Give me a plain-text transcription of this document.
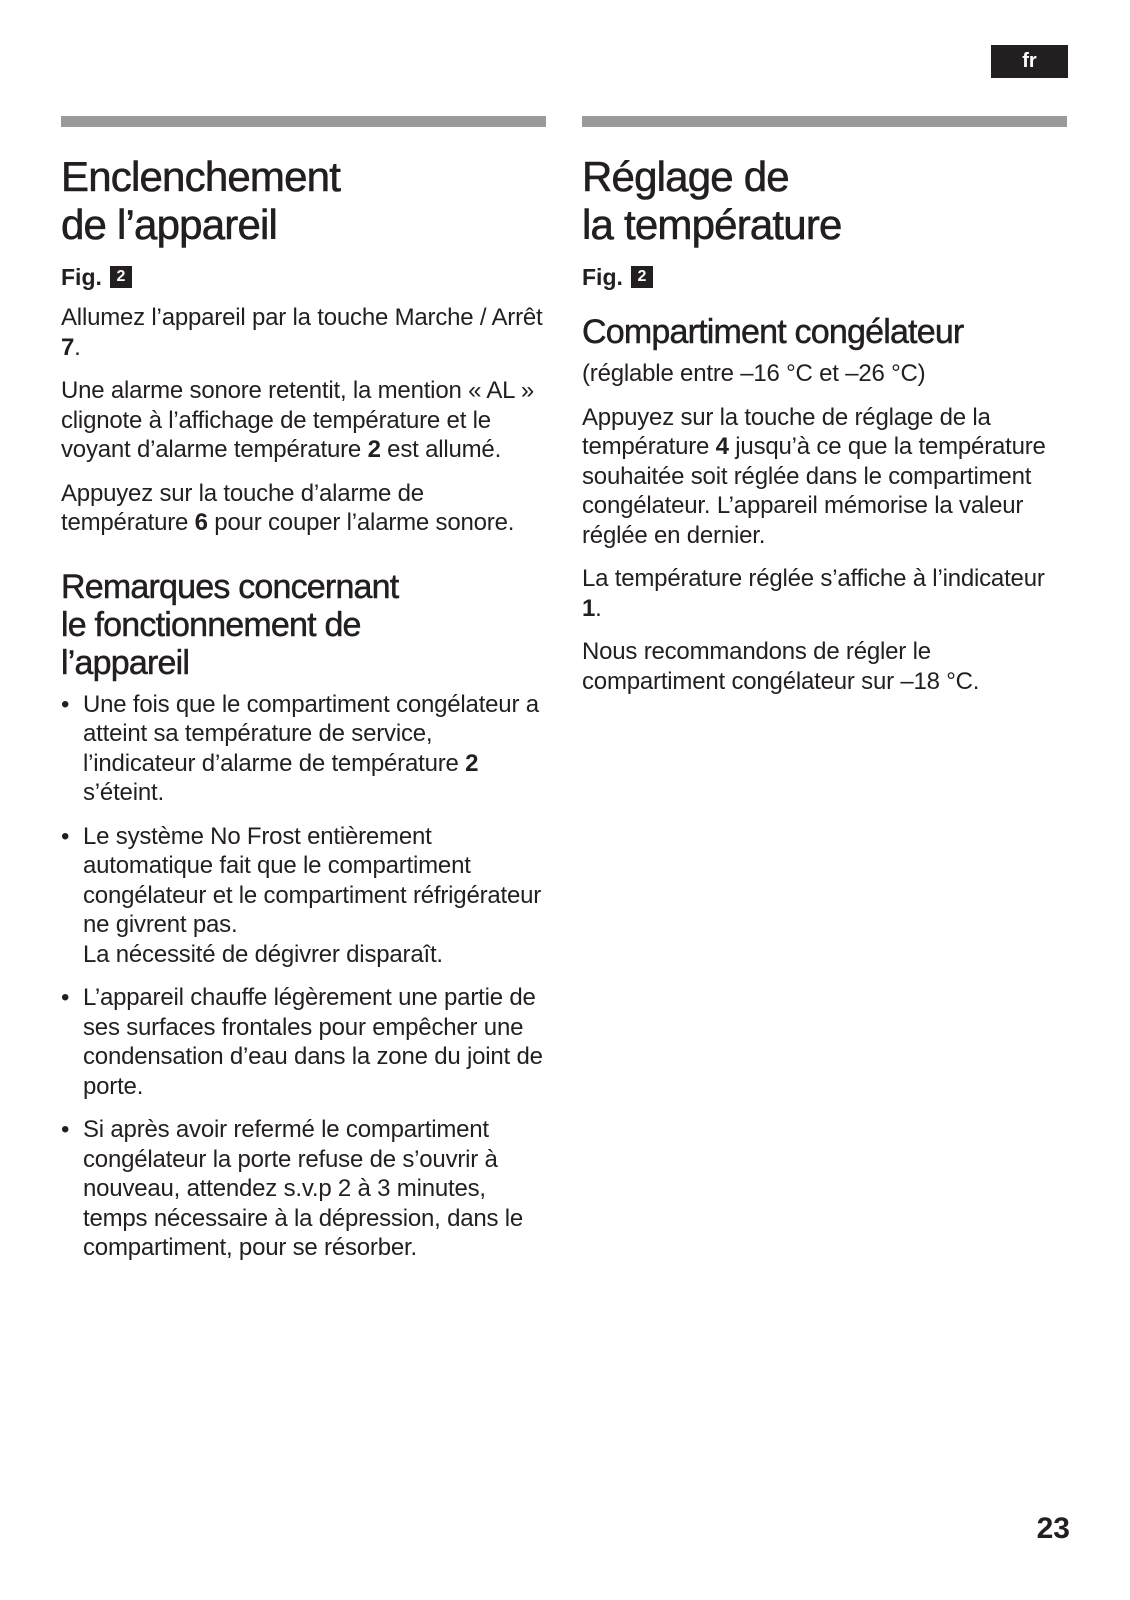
fr
Enclenchement
de l’appareil
Fig. 2

Allumez l’appareil par la touche Marche / Arrêt 7.

Une alarme sonore retentit, la mention « AL » clignote à l’affichage de température et le voyant d’alarme température 2 est allumé.

Appuyez sur la touche d’alarme de température 6 pour couper l’alarme sonore.

Remarques concernant
le fonctionnement de
l’appareil
• Une fois que le compartiment congélateur a atteint sa température de service, l’indicateur d’alarme de température 2 s’éteint.
• Le système No Frost entièrement automatique fait que le compartiment congélateur et le compartiment réfrigérateur ne givrent pas.
La nécessité de dégivrer disparaît.
• L’appareil chauffe légèrement une partie de ses surfaces frontales pour empêcher une condensation d’eau dans la zone du joint de porte.
• Si après avoir refermé le compartiment congélateur la porte refuse de s’ouvrir à nouveau, attendez s.v.p 2 à 3 minutes, temps nécessaire à la dépression, dans le compartiment, pour se résorber.
Réglage de
la température
Fig. 2
Compartiment congélateur

(réglable entre –16 °C et –26 °C)

Appuyez sur la touche de réglage de la température 4 jusqu’à ce que la température souhaitée soit réglée dans le compartiment congélateur. L’appareil mémorise la valeur réglée en dernier.

La température réglée s’affiche à l’indicateur 1.

Nous recommandons de régler le compartiment congélateur sur –18 °C.

23
